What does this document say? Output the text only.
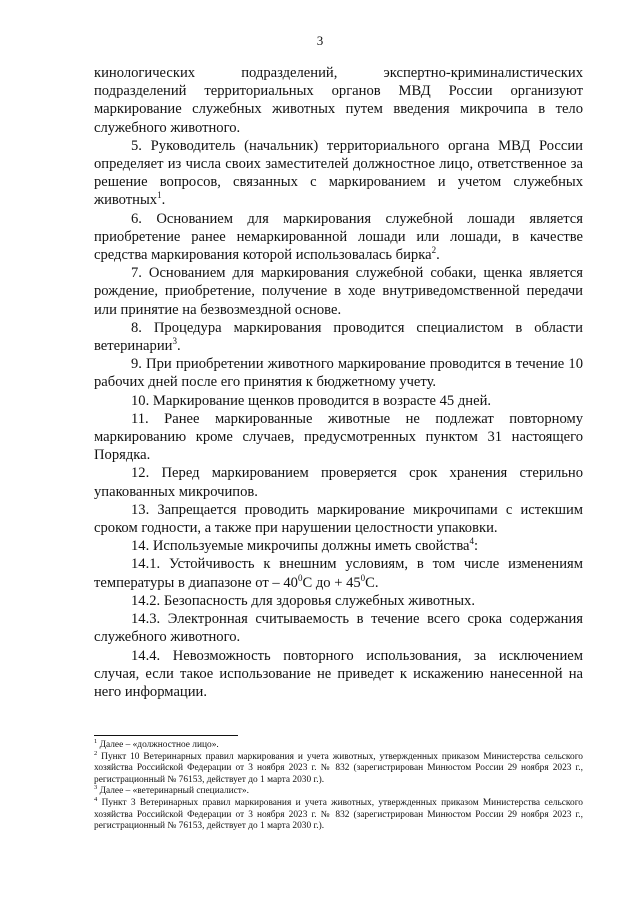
3

кинологических подразделений, экспертно-криминалистических подразделений территориальных органов МВД России организуют маркирование служебных животных путем введения микрочипа в тело служебного животного.

5. Руководитель (начальник) территориального органа МВД России определяет из числа своих заместителей должностное лицо, ответственное за решение вопросов, связанных с маркированием и учетом служебных животных$^1$.

6. Основанием для маркирования служебной лошади является приобретение ранее немаркированной лошади или лошади, в качестве средства маркирования которой использовалась бирка$^2$.

7. Основанием для маркирования служебной собаки, щенка является рождение, приобретение, получение в ходе внутриведомственной передачи или принятие на безвозмездной основе.

8. Процедура маркирования проводится специалистом в области ветеринарии$^3$.

9. При приобретении животного маркирование проводится в течение 10 рабочих дней после его принятия к бюджетному учету.

10. Маркирование щенков проводится в возрасте 45 дней.

11. Ранее маркированные животные не подлежат повторному маркированию кроме случаев, предусмотренных пунктом 31 настоящего Порядка.

12. Перед маркированием проверяется срок хранения стерильно упакованных микрочипов.

13. Запрещается проводить маркирование микрочипами с истекшим сроком годности, а также при нарушении целостности упаковки.

14. Используемые микрочипы должны иметь свойства$^4$:

14.1. Устойчивость к внешним условиям, в том числе изменениям температуры в диапазоне от – $40^0С$ до + $45^0С$.

14.2. Безопасность для здоровья служебных животных.

14.3. Электронная считываемость в течение всего срока содержания служебного животного.

14.4. Невозможность повторного использования, за исключением случая, если такое использование не приведет к искажению нанесенной на него информации.

$^1$ Далее – «должностное лицо».

$^2$ Пункт 10 Ветеринарных правил маркирования и учета животных, утвержденных приказом Министерства сельского хозяйства Российской Федерации от 3 ноября 2023 г. № 832 (зарегистрирован Минюстом России 29 ноября 2023 г., регистрационный № 76153, действует до 1 марта 2030 г.).

$^3$ Далее – «ветеринарный специалист».

$^4$ Пункт 3 Ветеринарных правил маркирования и учета животных, утвержденных приказом Министерства сельского хозяйства Российской Федерации от 3 ноября 2023 г. № 832 (зарегистрирован Минюстом России 29 ноября 2023 г., регистрационный № 76153, действует до 1 марта 2030 г.).
